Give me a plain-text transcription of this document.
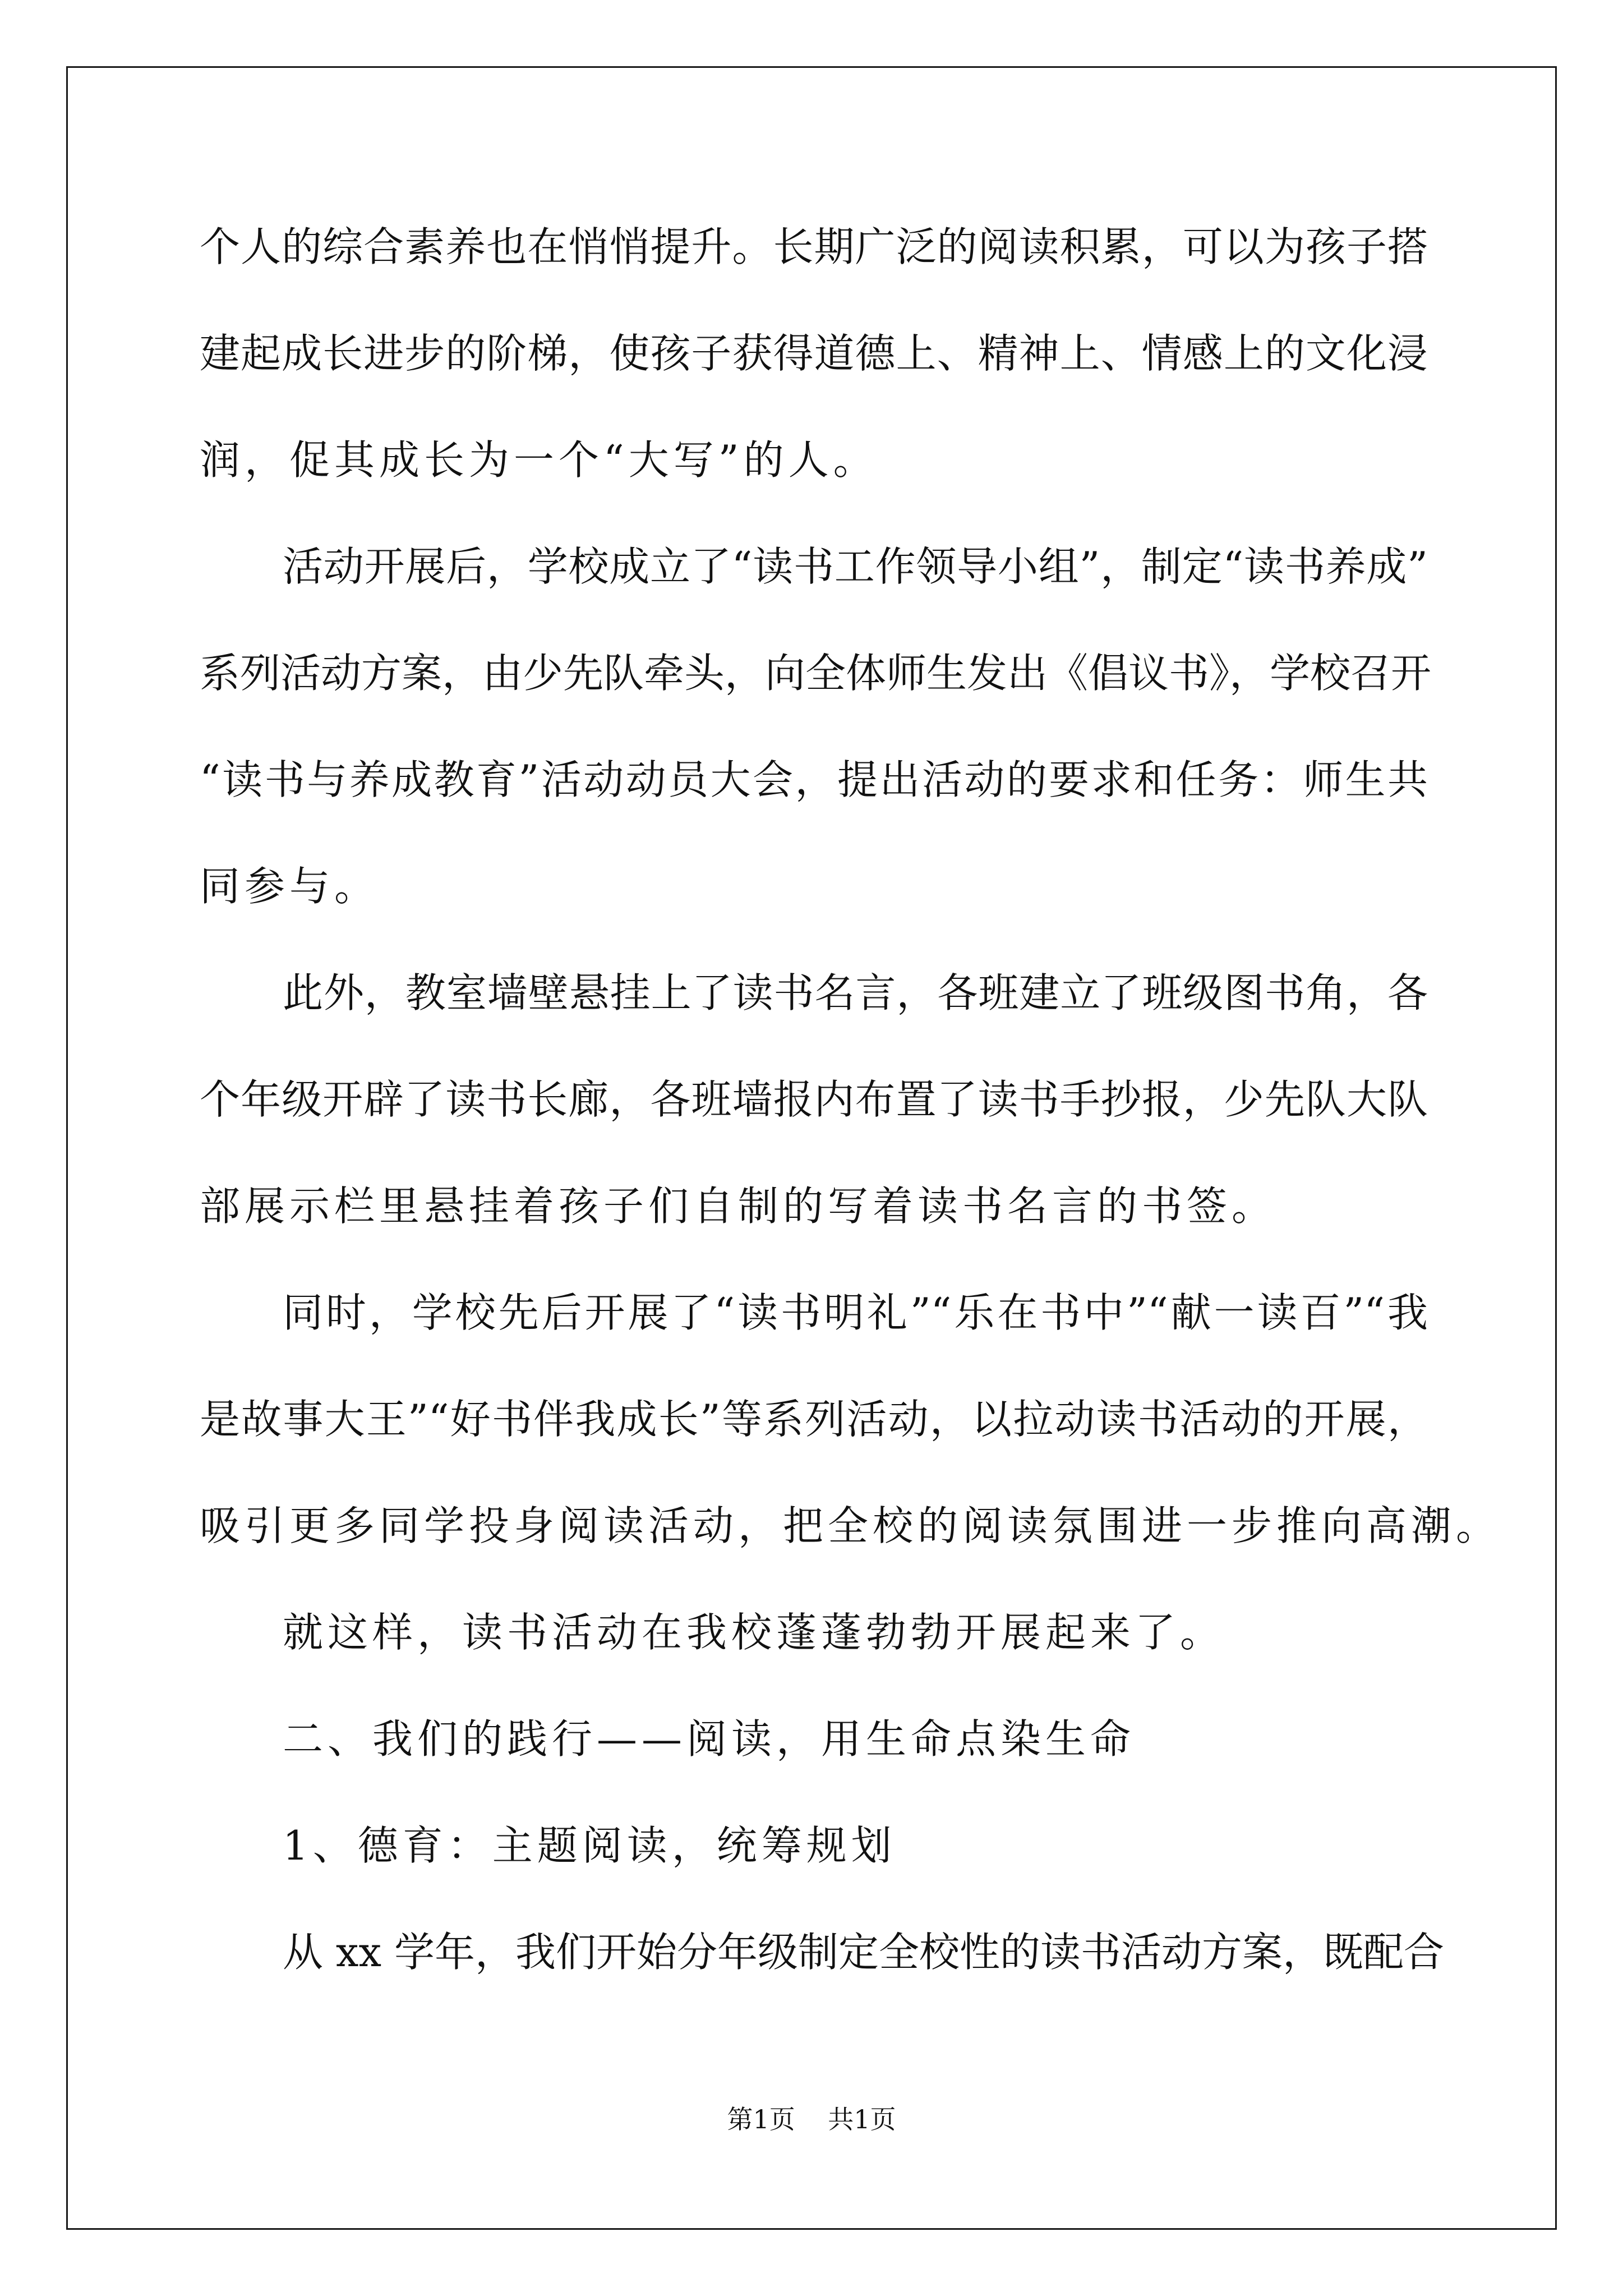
个人的综合素养也在悄悄提升。长期广泛的阅读积累，可以为孩子搭
建起成长进步的阶梯，使孩子获得道德上、精神上、情感上的文化浸
润，促其成长为一个“大写”的人。
活动开展后，学校成立了“读书工作领导小组”，制定“读书养成”
系列活动方案，由少先队牵头，向全体师生发出《倡议书》，学校召开
“读书与养成教育”活动动员大会，提出活动的要求和任务：师生共
同参与。
此外，教室墙壁悬挂上了读书名言，各班建立了班级图书角，各
个年级开辟了读书长廊，各班墙报内布置了读书手抄报，少先队大队
部展示栏里悬挂着孩子们自制的写着读书名言的书签。
同时，学校先后开展了“读书明礼”“乐在书中”“献一读百”“我
是故事大王”“好书伴我成长”等系列活动，以拉动读书活动的开展，
吸引更多同学投身阅读活动，把全校的阅读氛围进一步推向高潮。
就这样，读书活动在我校蓬蓬勃勃开展起来了。
二、我们的践行——阅读，用生命点染生命
1、德育：主题阅读，统筹规划
从 xx 学年，我们开始分年级制定全校性的读书活动方案，既配合
第1页 共1页
